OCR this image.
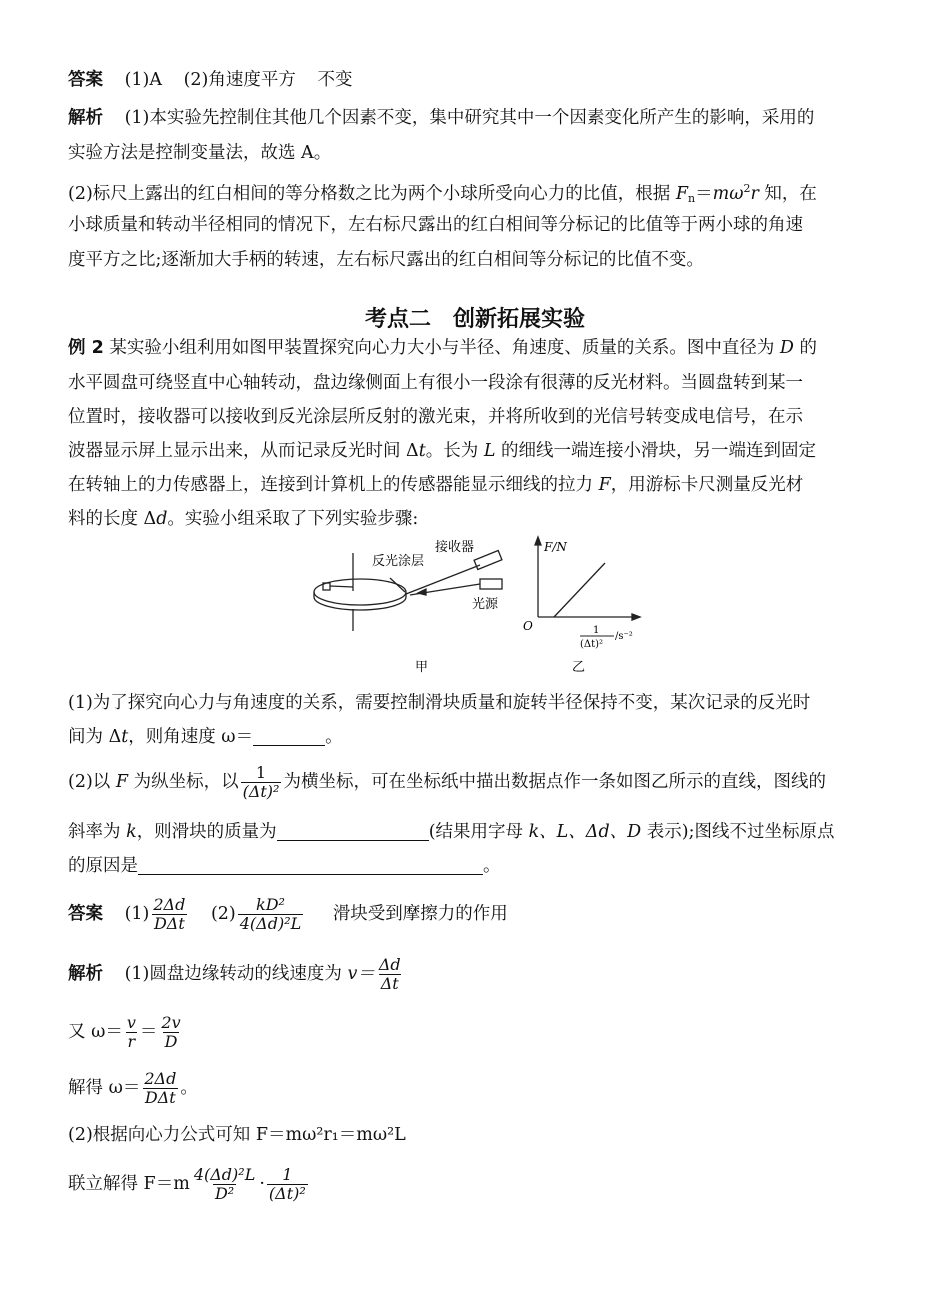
答案 (1)A (2)角速度平方 不变
解析 (1)本实验先控制住其他几个因素不变，集中研究其中一个因素变化所产生的影响，采用的
实验方法是控制变量法，故选 A。
(2)标尺上露出的红白相间的等分格数之比为两个小球所受向心力的比值，根据 $F_n=m\omega^2r$ 知，在
小球质量和转动半径相同的情况下，左右标尺露出的红白相间等分标记的比值等于两小球的角速
度平方之比;逐渐加大手柄的转速，左右标尺露出的红白相间等分标记的比值不变。
考点二　创新拓展实验
例 2 某实验小组利用如图甲装置探究向心力大小与半径、角速度、质量的关系。图中直径为 D 的
水平圆盘可绕竖直中心轴转动，盘边缘侧面上有很小一段涂有很薄的反光材料。当圆盘转到某一
位置时，接收器可以接收到反光涂层所反射的激光束，并将所收到的光信号转变成电信号，在示
波器显示屏上显示出来，从而记录反光时间 Δt。长为 L 的细线一端连接小滑块，另一端连到固定
在转轴上的力传感器上，连接到计算机上的传感器能显示细线的拉力 F，用游标卡尺测量反光材
料的长度 Δd。实验小组采取了下列实验步骤:
反光涂层
接收器
光源
甲
F/N
O	1
(Δt)²
/s⁻²
乙
(1)为了探究向心力与角速度的关系，需要控制滑块质量和旋转半径保持不变，某次记录的反光时
间为 Δt，则角速度 ω＝	。
(2)以 F 为纵坐标，以 $\frac{1}{\text{(Δt)²}}$ 为横坐标，可在坐标纸中描出数据点作一条如图乙所示的直线，图线的
斜率为 k，则滑块的质量为	(结果用字母 k、L、Δd、D 表示);图线不过坐标原点
的原因是	。
答案 $(1) \frac{2\Delta d}{\text{DΔt}} (2) \frac{\text{kD²}}{\text{4(Δd)²L}}$ 滑块受到摩擦力的作用
解析 (1)圆盘边缘转动的线速度为 $v= \frac{\Delta d}{\Delta t}$
又 $\omega= \frac{v}{r} = \frac{2v}{D}$
解得 $\omega= \frac{2\Delta d}{\text{DΔt}}$ 。
(2)根据向心力公式可知 F＝mω²r₁＝mω²L
联立解得 $F=m \frac{\text{4(Δd)²L}}{\text{D²}} \cdot \frac{1}{\text{(Δt)²}}$
